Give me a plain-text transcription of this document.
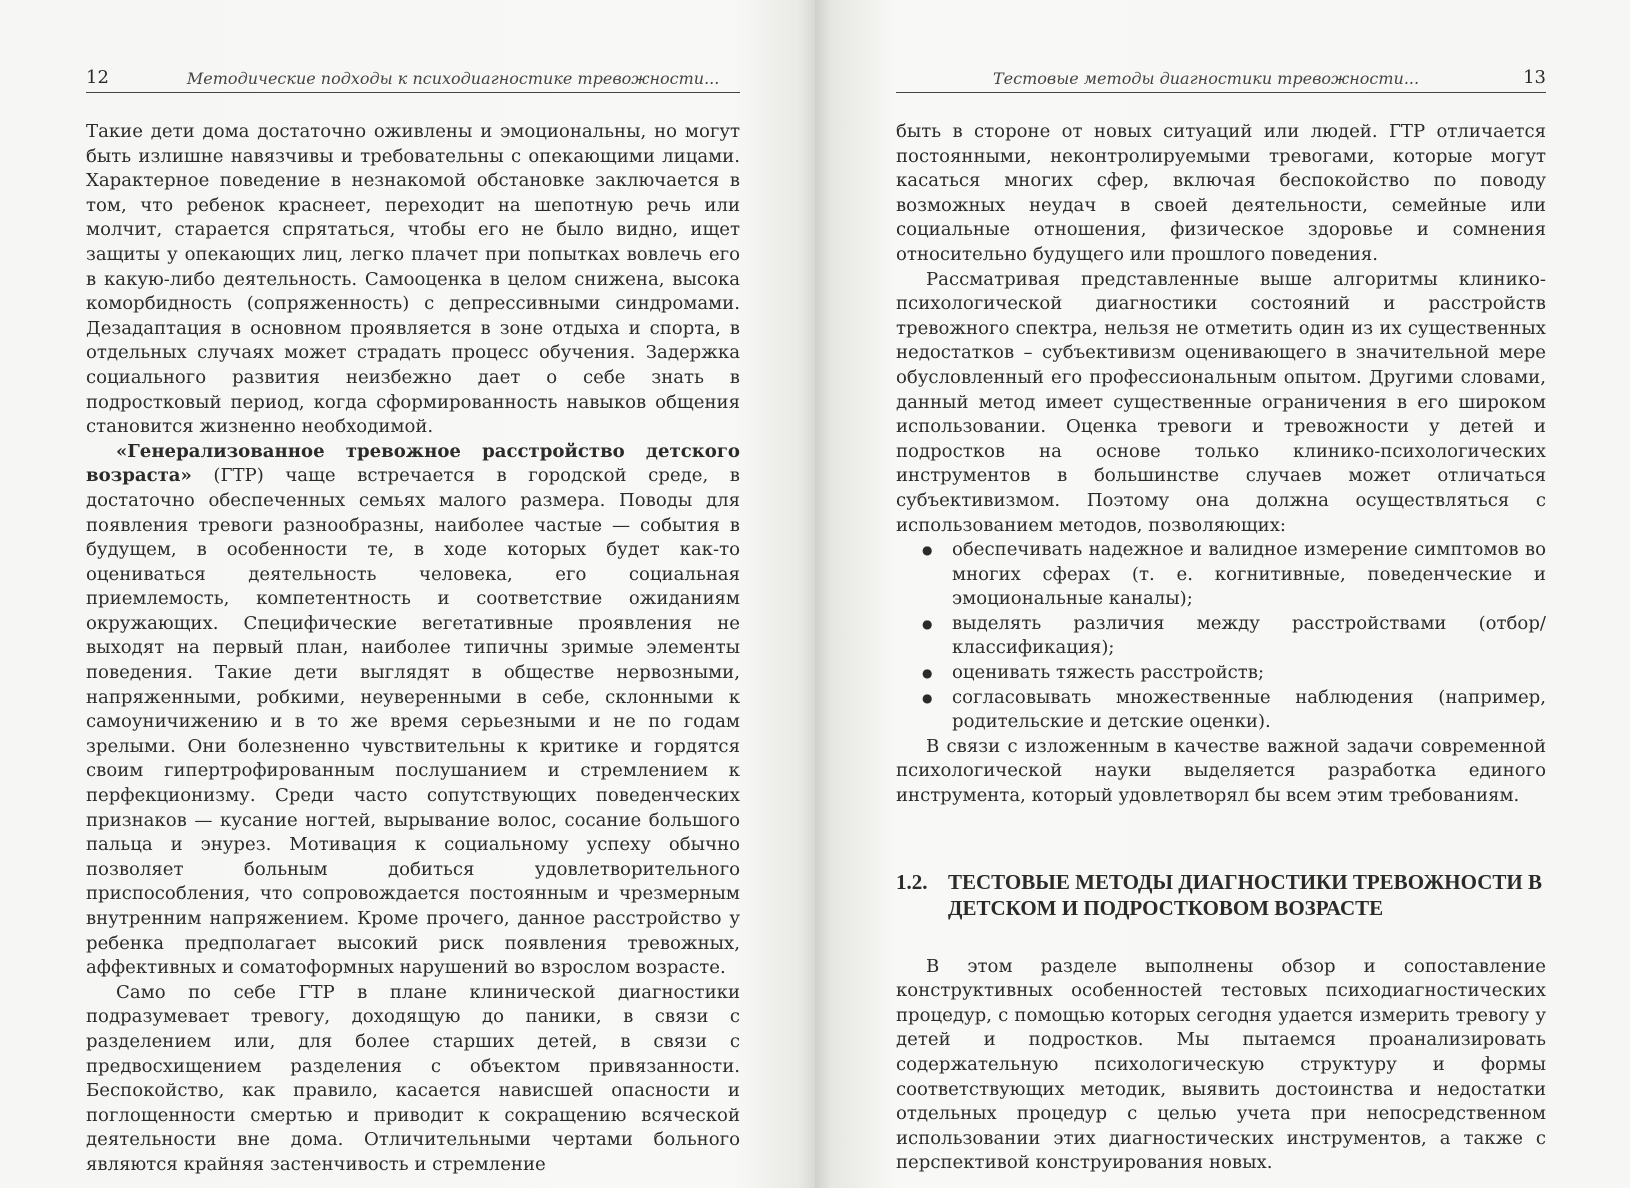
12	Методические подходы к психодиагностике тревожности...

Такие дети дома достаточно оживлены и эмоциональны, но могут быть излишне навязчивы и требовательны с опекающими лицами. Характерное поведение в незнакомой обстановке заключается в том, что ребенок краснеет, переходит на шепотную речь или молчит, старается спрятаться, чтобы его не было видно, ищет защиты у опекающих лиц, легко плачет при попытках вовлечь его в какую-либо деятельность. Самооценка в целом снижена, высока коморбидность (сопряженность) с депрессивными синдромами. Дезадаптация в основном проявляется в зоне отдыха и спорта, в отдельных случаях может страдать процесс обучения. Задержка социального развития неизбежно дает о себе знать в подростковый период, когда сформированность навыков общения становится жизненно необходимой.

«Генерализованное тревожное расстройство детского возраста» (ГТР) чаще встречается в городской среде, в достаточно обеспеченных семьях малого размера. Поводы для появления тревоги разнообразны, наиболее частые — события в будущем, в особенности те, в ходе которых будет как-то оцениваться деятельность человека, его социальная приемлемость, компетентность и соответствие ожиданиям окружающих. Специфические вегетативные проявления не выходят на первый план, наиболее типичны зримые элементы поведения. Такие дети выглядят в обществе нервозными, напряженными, робкими, неуверенными в себе, склонными к самоуничижению и в то же время серьезными и не по годам зрелыми. Они болезненно чувствительны к критике и гордятся своим гипертрофированным послушанием и стремлением к перфекционизму. Среди часто сопутствующих поведенческих признаков — кусание ногтей, вырывание волос, сосание большого пальца и энурез. Мотивация к социальному успеху обычно позволяет больным добиться удовлетворительного приспособления, что сопровождается постоянным и чрезмерным внутренним напряжением. Кроме прочего, данное расстройство у ребенка предполагает высокий риск появления тревожных, аффективных и соматоформных нарушений во взрослом возрасте.

Само по себе ГТР в плане клинической диагностики подразумевает тревогу, доходящую до паники, в связи с разделением или, для более старших детей, в связи с предвосхищением разделения с объектом привязанности. Беспокойство, как правило, касается нависшей опасности и поглощенности смертью и приводит к сокращению всяческой деятельности вне дома. Отличительными чертами больного являются крайняя застенчивость и стремление

Тестовые методы диагностики тревожности...	13

быть в стороне от новых ситуаций или людей. ГТР отличается постоянными, неконтролируемыми тревогами, которые могут касаться многих сфер, включая беспокойство по поводу возможных неудач в своей деятельности, семейные или социальные отношения, физическое здоровье и сомнения относительно будущего или прошлого поведения.

Рассматривая представленные выше алгоритмы клинико-психологической диагностики состояний и расстройств тревожного спектра, нельзя не отметить один из их существенных недостатков – субъективизм оценивающего в значительной мере обусловленный его профессиональным опытом. Другими словами, данный метод имеет существенные ограничения в его широком использовании. Оценка тревоги и тревожности у детей и подростков на основе только клинико-психологических инструментов в большинстве случаев может отличаться субъективизмом. Поэтому она должна осуществляться с использованием методов, позволяющих:

● обеспечивать надежное и валидное измерение симптомов во многих сферах (т. е. когнитивные, поведенческие и эмоциональные каналы);
● выделять различия между расстройствами (отбор/классификация);
● оценивать тяжесть расстройств;
● согласовывать множественные наблюдения (например, родительские и детские оценки).

В связи с изложенным в качестве важной задачи современной психологической науки выделяется разработка единого инструмента, который удовлетворял бы всем этим требованиям.

1.2. ТЕСТОВЫЕ МЕТОДЫ ДИАГНОСТИКИ ТРЕВОЖНОСТИ В ДЕТСКОМ И ПОДРОСТКОВОМ ВОЗРАСТЕ

В этом разделе выполнены обзор и сопоставление конструктивных особенностей тестовых психодиагностических процедур, с помощью которых сегодня удается измерить тревогу у детей и подростков. Мы пытаемся проанализировать содержательную психологическую структуру и формы соответствующих методик, выявить достоинства и недостатки отдельных процедур с целью учета при непосредственном использовании этих диагностических инструментов, а также с перспективой конструирования новых.
